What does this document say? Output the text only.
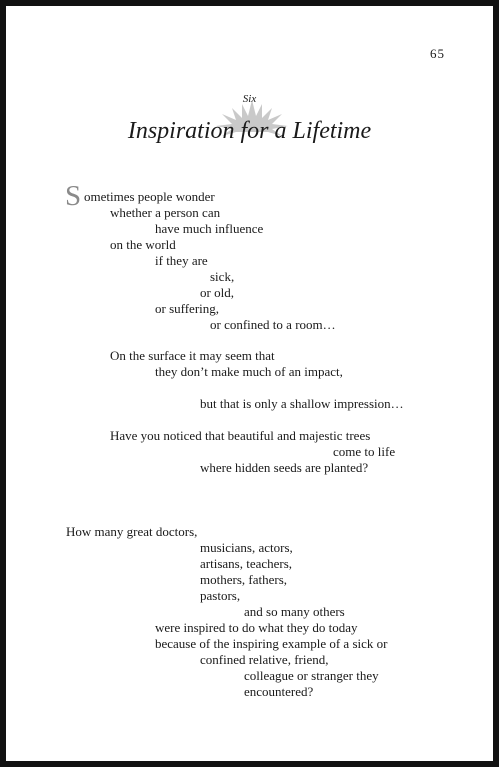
65
Six
Inspiration for a Lifetime
S ometimes people wonder
whether a person can
have much influence
on the world
if they are
sick,
or old,
or suffering,
or confined to a room…
On the surface it may seem that
they don’t make much of an impact,
but that is only a shallow impression…
Have you noticed that beautiful and majestic trees
come to life
where hidden seeds are planted?
How many great doctors,
musicians, actors,
artisans, teachers,
mothers, fathers,
pastors,
and so many others
were inspired to do what they do today
because of the inspiring example of a sick or
confined relative, friend,
colleague or stranger they
encountered?
